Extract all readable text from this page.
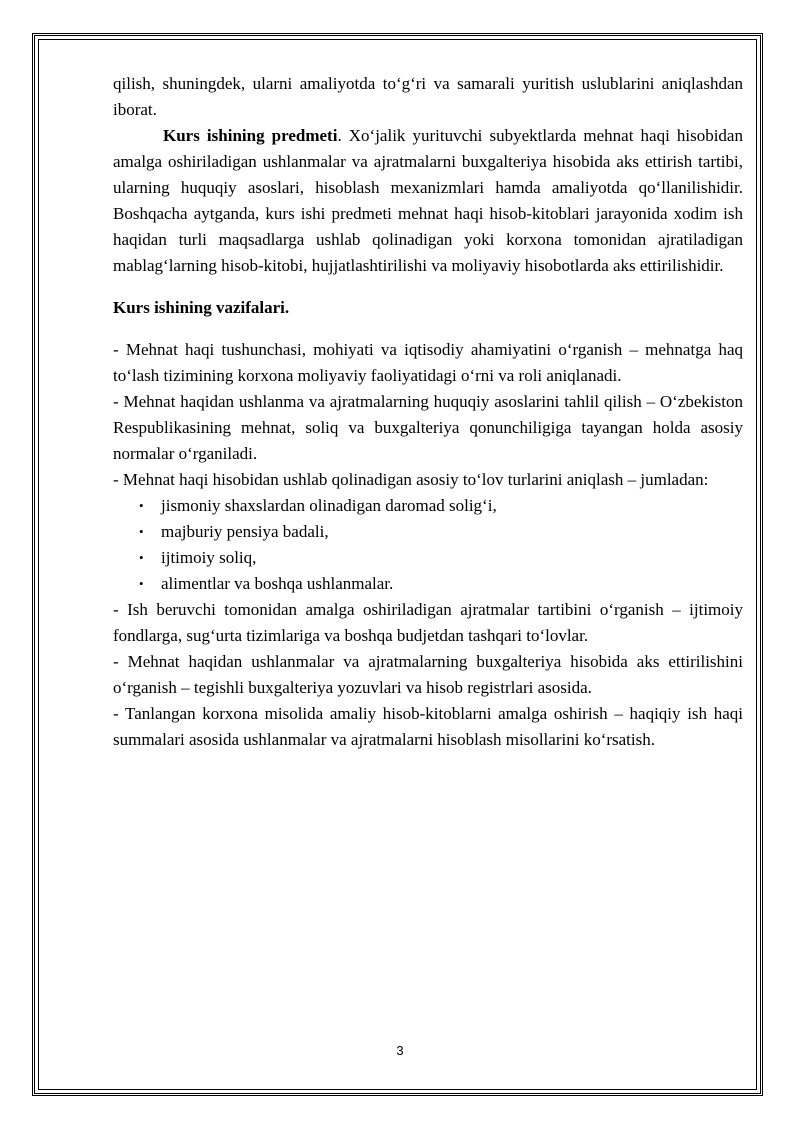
qilish, shuningdek, ularni amaliyotda to‘g‘ri va samarali yuritish uslublarini aniqlashdan iborat.

Kurs ishining predmeti. Xo‘jalik yurituvchi subyektlarda mehnat haqi hisobidan amalga oshiriladigan ushlanmalar va ajratmalarni buxgalteriya hisobida aks ettirish tartibi, ularning huquqiy asoslari, hisoblash mexanizmlari hamda amaliyotda qo‘llanilishidir. Boshqacha aytganda, kurs ishi predmeti mehnat haqi hisob-kitoblari jarayonida xodim ish haqidan turli maqsadlarga ushlab qolinadigan yoki korxona tomonidan ajratiladigan mablag‘larning hisob-kitobi, hujjatlashtirilishi va moliyaviy hisobotlarda aks ettirilishidir.

Kurs ishining vazifalari.

- Mehnat haqi tushunchasi, mohiyati va iqtisodiy ahamiyatini o‘rganish – mehnatga haq to‘lash tizimining korxona moliyaviy faoliyatidagi o‘rni va roli aniqlanadi.

- Mehnat haqidan ushlanma va ajratmalarning huquqiy asoslarini tahlil qilish – O‘zbekiston Respublikasining mehnat, soliq va buxgalteriya qonunchiligiga tayangan holda asosiy normalar o‘rganiladi.

- Mehnat haqi hisobidan ushlab qolinadigan asosiy to‘lov turlarini aniqlash – jumladan:

• jismoniy shaxslardan olinadigan daromad solig‘i,
• majburiy pensiya badali,
• ijtimoiy soliq,
• alimentlar va boshqa ushlanmalar.

- Ish beruvchi tomonidan amalga oshiriladigan ajratmalar tartibini o‘rganish – ijtimoiy fondlarga, sug‘urta tizimlariga va boshqa budjetdan tashqari to‘lovlar.

- Mehnat haqidan ushlanmalar va ajratmalarning buxgalteriya hisobida aks ettirilishini o‘rganish – tegishli buxgalteriya yozuvlari va hisob registrlari asosida.

- Tanlangan korxona misolida amaliy hisob-kitoblarni amalga oshirish – haqiqiy ish haqi summalari asosida ushlanmalar va ajratmalarni hisoblash misollarini ko‘rsatish.

3
